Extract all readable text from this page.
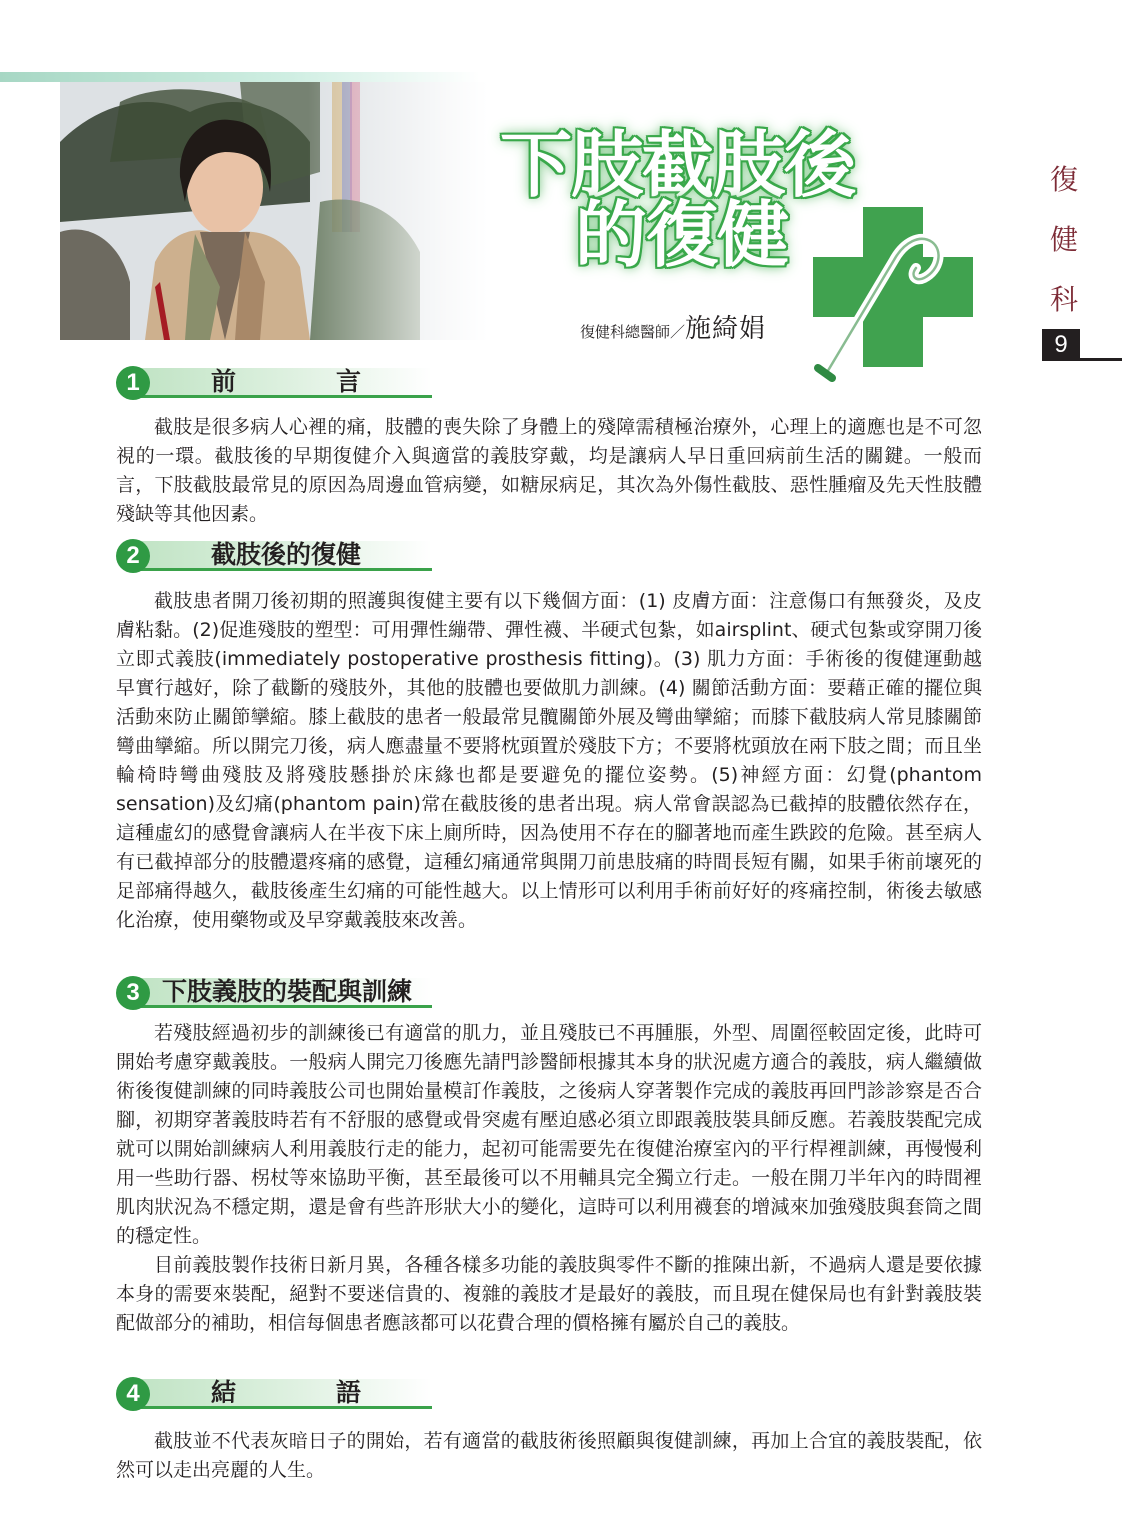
下肢截肢後
的復健
復健科總醫師／施綺娟
復
健
科
9
1	前　　　　言

截肢是很多病人心裡的痛，肢體的喪失除了身體上的殘障需積極治療外，心理上的適應也是不可忽視的一環。截肢後的早期復健介入與適當的義肢穿戴，均是讓病人早日重回病前生活的關鍵。一般而言，下肢截肢最常見的原因為周邊血管病變，如糖尿病足，其次為外傷性截肢、惡性腫瘤及先天性肢體殘缺等其他因素。

2	截肢後的復健

截肢患者開刀後初期的照護與復健主要有以下幾個方面：(1) 皮膚方面：注意傷口有無發炎，及皮膚粘黏。(2)促進殘肢的塑型：可用彈性繃帶、彈性襪、半硬式包紮，如airsplint、硬式包紮或穿開刀後立即式義肢(immediately postoperative prosthesis fitting)。(3) 肌力方面：手術後的復健運動越早實行越好，除了截斷的殘肢外，其他的肢體也要做肌力訓練。(4) 關節活動方面：要藉正確的擺位與活動來防止關節攣縮。膝上截肢的患者一般最常見髖關節外展及彎曲攣縮；而膝下截肢病人常見膝關節彎曲攣縮。所以開完刀後，病人應盡量不要將枕頭置於殘肢下方；不要將枕頭放在兩下肢之間；而且坐輪椅時彎曲殘肢及將殘肢懸掛於床緣也都是要避免的擺位姿勢。(5)神經方面：幻覺(phantom sensation)及幻痛(phantom pain)常在截肢後的患者出現。病人常會誤認為已截掉的肢體依然存在，這種虛幻的感覺會讓病人在半夜下床上廁所時，因為使用不存在的腳著地而產生跌跤的危險。甚至病人有已截掉部分的肢體還疼痛的感覺，這種幻痛通常與開刀前患肢痛的時間長短有關，如果手術前壞死的足部痛得越久，截肢後產生幻痛的可能性越大。以上情形可以利用手術前好好的疼痛控制，術後去敏感化治療，使用藥物或及早穿戴義肢來改善。

3 下肢義肢的裝配與訓練

若殘肢經過初步的訓練後已有適當的肌力，並且殘肢已不再腫脹，外型、周圍徑較固定後，此時可開始考慮穿戴義肢。一般病人開完刀後應先請門診醫師根據其本身的狀況處方適合的義肢，病人繼續做術後復健訓練的同時義肢公司也開始量模訂作義肢，之後病人穿著製作完成的義肢再回門診診察是否合腳，初期穿著義肢時若有不舒服的感覺或骨突處有壓迫感必須立即跟義肢裝具師反應。若義肢裝配完成就可以開始訓練病人利用義肢行走的能力，起初可能需要先在復健治療室內的平行桿裡訓練，再慢慢利用一些助行器、柺杖等來協助平衡，甚至最後可以不用輔具完全獨立行走。一般在開刀半年內的時間裡肌肉狀況為不穩定期，還是會有些許形狀大小的變化，這時可以利用襪套的增減來加強殘肢與套筒之間的穩定性。

目前義肢製作技術日新月異，各種各樣多功能的義肢與零件不斷的推陳出新，不過病人還是要依據本身的需要來裝配，絕對不要迷信貴的、複雜的義肢才是最好的義肢，而且現在健保局也有針對義肢裝配做部分的補助，相信每個患者應該都可以花費合理的價格擁有屬於自己的義肢。

4	結　　　　語

截肢並不代表灰暗日子的開始，若有適當的截肢術後照顧與復健訓練，再加上合宜的義肢裝配，依然可以走出亮麗的人生。
